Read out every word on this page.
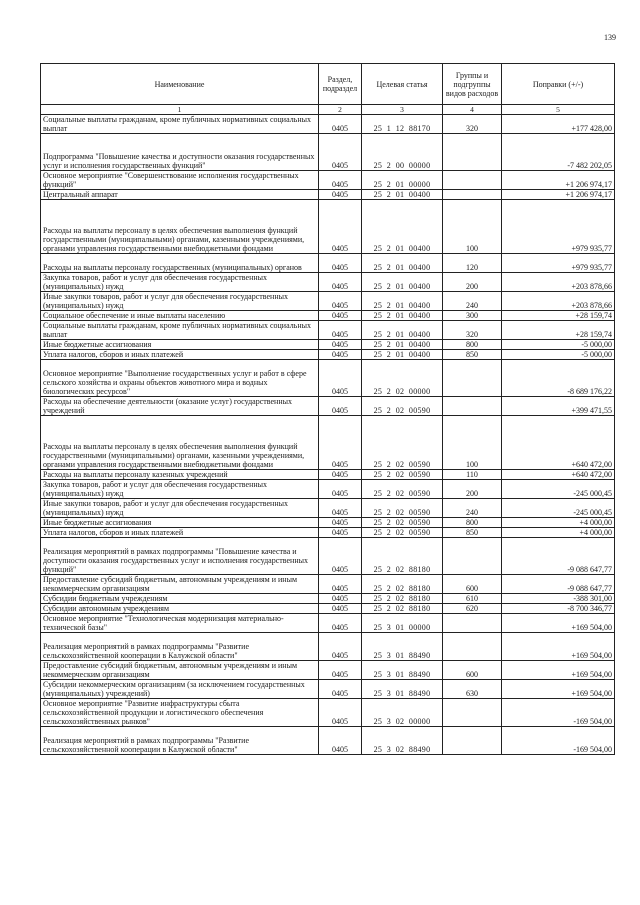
139
Наименование	Раздел, подраздел	Целевая статья	Группы и подгруппы видов расходов	Поправки (+/-)
1	2	3	4	5
Социальные выплаты гражданам, кроме публичных нормативных социальных выплат	0405	25  1  12  88170	320	+177 428,00
Подпрограмма "Повышение качества и доступности оказания государственных услуг и исполнения государственных функций"	0405	25  2  00  00000		-7 482 202,05
Основное мероприятие "Совершенствование исполнения государственных функций"	0405	25  2  01  00000		+1 206 974,17
Центральный аппарат	0405	25  2  01  00400		+1 206 974,17
Расходы на выплаты персоналу в целях обеспечения выполнения функций государственными (муниципальными) органами, казенными учреждениями, органами управления государственными внебюджетными фондами	0405	25  2  01  00400	100	+979 935,77
Расходы на выплаты персоналу государственных (муниципальных) органов	0405	25  2  01  00400	120	+979 935,77
Закупка товаров, работ и услуг для обеспечения государственных (муниципальных) нужд	0405	25  2  01  00400	200	+203 878,66
Иные закупки товаров, работ и услуг для обеспечения государственных (муниципальных) нужд	0405	25  2  01  00400	240	+203 878,66
Социальное обеспечение и иные выплаты населению	0405	25  2  01  00400	300	+28 159,74
Социальные выплаты гражданам, кроме публичных нормативных социальных выплат	0405	25  2  01  00400	320	+28 159,74
Иные бюджетные ассигнования	0405	25  2  01  00400	800	-5 000,00
Уплата налогов, сборов и иных платежей	0405	25  2  01  00400	850	-5 000,00
Основное мероприятие "Выполнение государственных услуг и работ в сфере сельского хозяйства и охраны объектов животного мира и водных биологических ресурсов"	0405	25  2  02  00000		-8 689 176,22
Расходы на обеспечение деятельности (оказание услуг) государственных учреждений	0405	25  2  02  00590		+399 471,55
Расходы на выплаты персоналу в целях обеспечения выполнения функций государственными (муниципальными) органами, казенными учреждениями, органами управления государственными внебюджетными фондами	0405	25  2  02  00590	100	+640 472,00
Расходы на выплаты персоналу казенных учреждений	0405	25  2  02  00590	110	+640 472,00
Закупка товаров, работ и услуг для обеспечения государственных (муниципальных) нужд	0405	25  2  02  00590	200	-245 000,45
Иные закупки товаров, работ и услуг для обеспечения государственных (муниципальных) нужд	0405	25  2  02  00590	240	-245 000,45
Иные бюджетные ассигнования	0405	25  2  02  00590	800	+4 000,00
Уплата налогов, сборов и иных платежей	0405	25  2  02  00590	850	+4 000,00
Реализация мероприятий в рамках подпрограммы "Повышение качества и доступности оказания государственных услуг и исполнения государственных функций"	0405	25  2  02  88180		-9 088 647,77
Предоставление субсидий бюджетным, автономным учреждениям и иным некоммерческим организациям	0405	25  2  02  88180	600	-9 088 647,77
Субсидии бюджетным учреждениям	0405	25  2  02  88180	610	-388 301,00
Субсидии автономным учреждениям	0405	25  2  02  88180	620	-8 700 346,77
Основное мероприятие "Технологическая модернизация материально-технической базы"	0405	25  3  01  00000		+169 504,00
Реализация мероприятий в рамках подпрограммы "Развитие сельскохозяйственной кооперации в Калужской области"	0405	25  3  01  88490		+169 504,00
Предоставление субсидий бюджетным, автономным учреждениям и иным некоммерческим организациям	0405	25  3  01  88490	600	+169 504,00
Субсидии некоммерческим организациям (за исключением государственных (муниципальных) учреждений)	0405	25  3  01  88490	630	+169 504,00
Основное мероприятие "Развитие инфраструктуры сбыта сельскохозяйственной продукции и логистического обеспечения сельскохозяйственных рынков"	0405	25  3  02  00000		-169 504,00
Реализация мероприятий в рамках подпрограммы "Развитие сельскохозяйственной кооперации в Калужской области"	0405	25  3  02  88490		-169 504,00
